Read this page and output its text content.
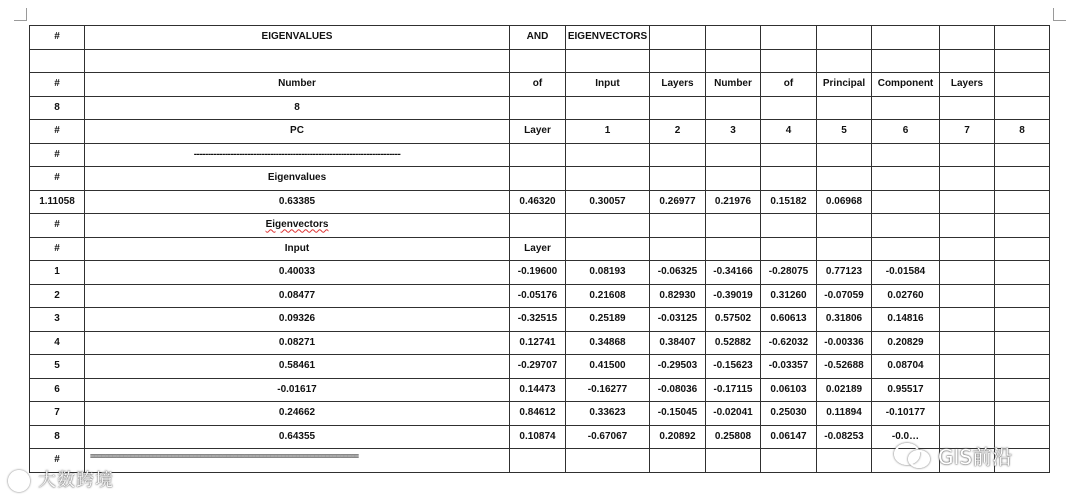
#	EIGENVALUES	AND	EIGENVECTORS							

#	Number	of	Input	Layers	Number	of	Principal	Component	Layers	
8	8									
#	PC	Layer	1	2	3	4	5	6	7	8
#	-------------------------------------------------------------------------									
#	Eigenvalues									
1.11058	0.63385	0.46320	0.30057	0.26977	0.21976	0.15182	0.06968			
#	Eigenvectors									
#	Input	Layer								
1	0.40033	-0.19600	0.08193	-0.06325	-0.34166	-0.28075	0.77123	-0.01584		
2	0.08477	-0.05176	0.21608	0.82930	-0.39019	0.31260	-0.07059	0.02760		
3	0.09326	-0.32515	0.25189	-0.03125	0.57502	0.60613	0.31806	0.14816		
4	0.08271	0.12741	0.34868	0.38407	0.52882	-0.62032	-0.00336	0.20829		
5	0.58461	-0.29707	0.41500	-0.29503	-0.15623	-0.03357	-0.52688	0.08704		
6	-0.01617	0.14473	-0.16277	-0.08036	-0.17115	0.06103	0.02189	0.95517		
7	0.24662	0.84612	0.33623	-0.15045	-0.02041	0.25030	0.11894	-0.10177		
8	0.64355	0.10874	-0.67067	0.20892	0.25808	0.06147	-0.08253	-0.0…		
#	=========================================================================									
大数跨境
GIS前沿
